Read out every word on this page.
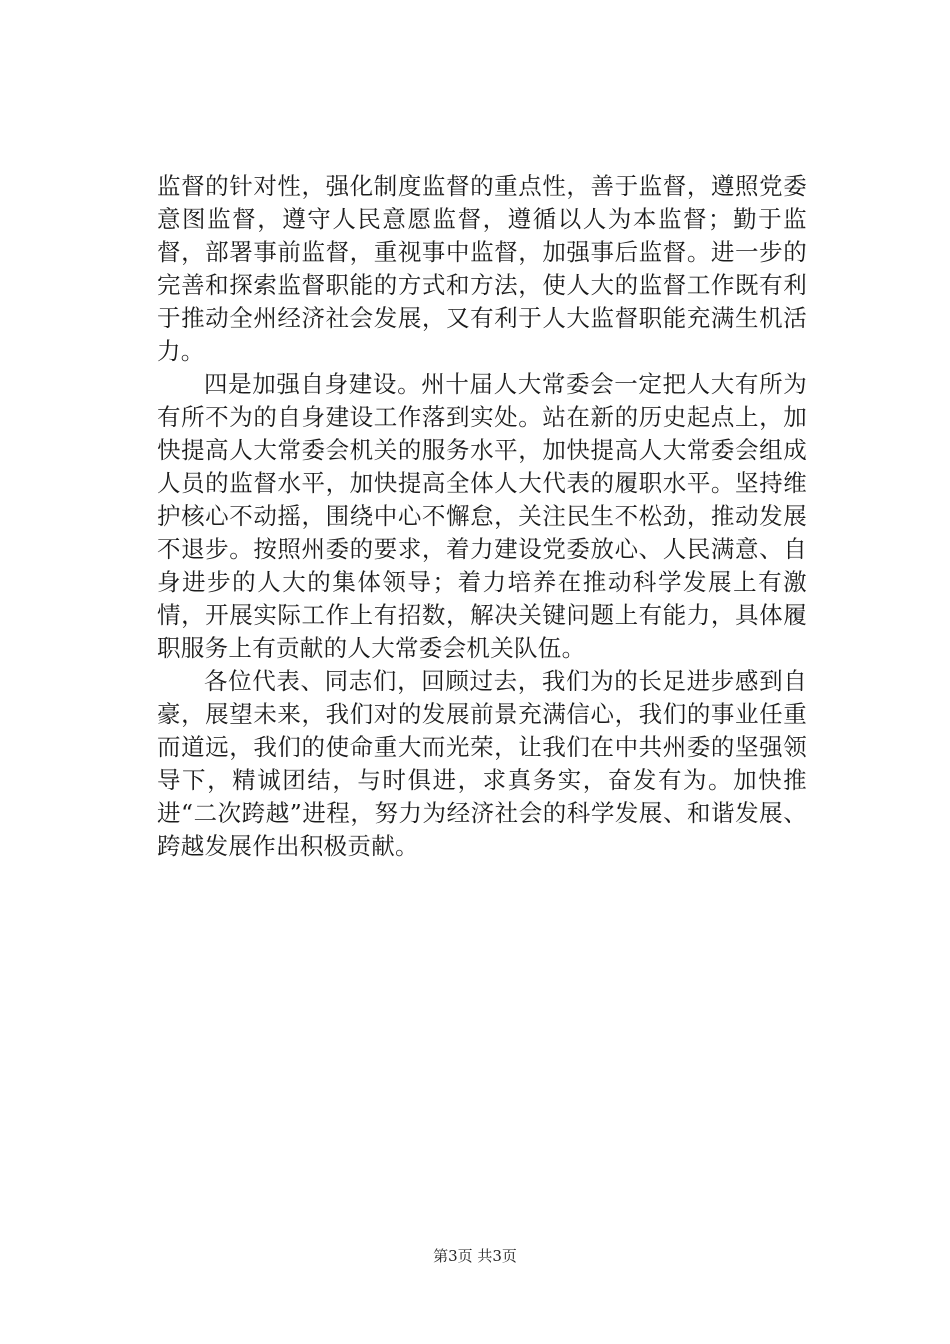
监督的针对性，强化制度监督的重点性，善于监督，遵照党委意图监督，遵守人民意愿监督，遵循以人为本监督；勤于监督，部署事前监督，重视事中监督，加强事后监督。进一步的完善和探索监督职能的方式和方法，使人大的监督工作既有利于推动全州经济社会发展，又有利于人大监督职能充满生机活力。

四是加强自身建设。州十届人大常委会一定把人大有所为有所不为的自身建设工作落到实处。站在新的历史起点上，加快提高人大常委会机关的服务水平，加快提高人大常委会组成人员的监督水平，加快提高全体人大代表的履职水平。坚持维护核心不动摇，围绕中心不懈怠，关注民生不松劲，推动发展不退步。按照州委的要求，着力建设党委放心、人民满意、自身进步的人大的集体领导；着力培养在推动科学发展上有激情，开展实际工作上有招数，解决关键问题上有能力，具体履职服务上有贡献的人大常委会机关队伍。

各位代表、同志们，回顾过去，我们为的长足进步感到自豪，展望未来，我们对的发展前景充满信心，我们的事业任重而道远，我们的使命重大而光荣，让我们在中共州委的坚强领导下，精诚团结，与时俱进，求真务实，奋发有为。加快推进“二次跨越”进程，努力为经济社会的科学发展、和谐发展、跨越发展作出积极贡献。

第3页 共3页
